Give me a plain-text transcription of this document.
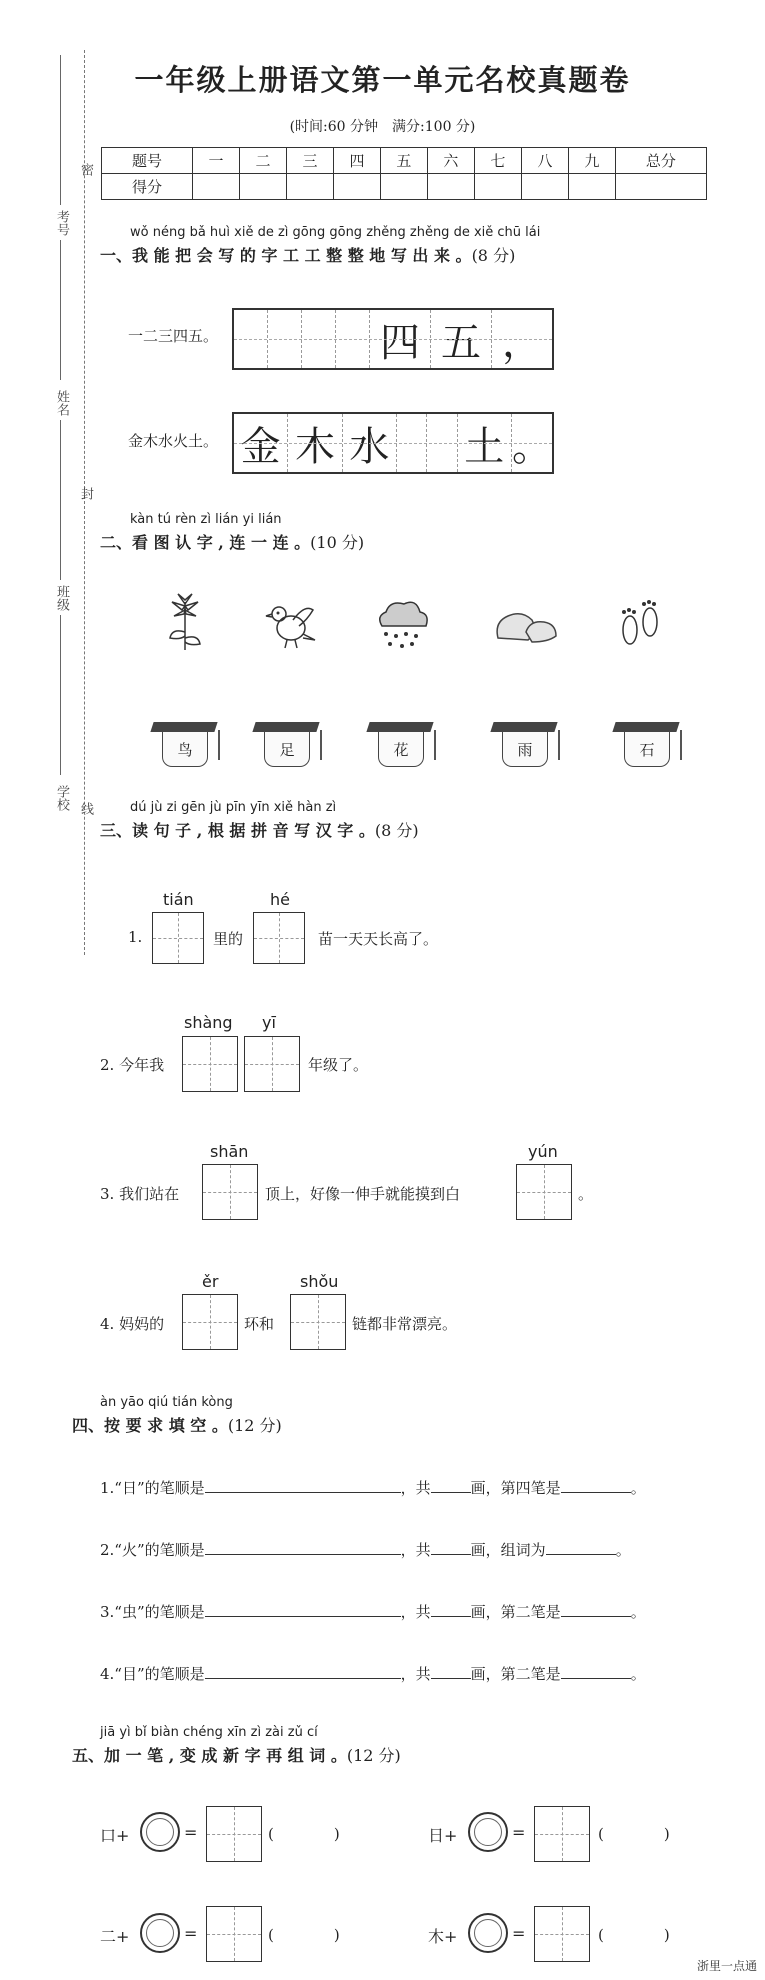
一年级上册语文第一单元名校真题卷
(时间:60 分钟　满分:100 分)
密
封
线
考号
姓名
班级
学校
题号	一	二	三	四	五	六	七	八	九	总分
得分										
wǒ néng bǎ huì xiě de zì gōng gōng zhěng zhěng de xiě chū lái
一、我 能 把 会 写 的 字 工 工 整 整 地 写 出 来 。(8 分)
一二三四五。	四 五 ，
金木水火土。 金 木 水 土 。
kàn tú rèn zì lián yi lián
二、看 图 认 字 , 连 一 连 。(10 分)
鸟	足	花	雨	石
dú jù zi gēn jù pīn yīn xiě hàn zì
三、读 句 子 , 根 据 拼 音 写 汉 字 。(8 分)
1.
tián
里的
hé
苗一天天长高了。
2. 今年我
shàng yī
年级了。
3. 我们站在
shān
顶上，好像一伸手就能摸到白
yún
。
4. 妈妈的
ěr
环和
shǒu
链都非常漂亮。
àn yāo qiú tián kòng
四、按 要 求 填 空 。(12 分)
1.“日”的笔顺是	，共	画，第四笔是	。
2.“火”的笔顺是	，共	画，组词为	。
3.“虫”的笔顺是	，共	画，第二笔是	。
4.“目”的笔顺是	，共	画，第二笔是	。
jiā yì bǐ biàn chéng xīn zì zài zǔ cí
五、加 一 笔 , 变 成 新 字 再 组 词 。(12 分)
口+	=	(　　　　)	日+	=	(　　　　)
二+	=	(　　　　)	木+	=	(　　　　)
浙里一点通
